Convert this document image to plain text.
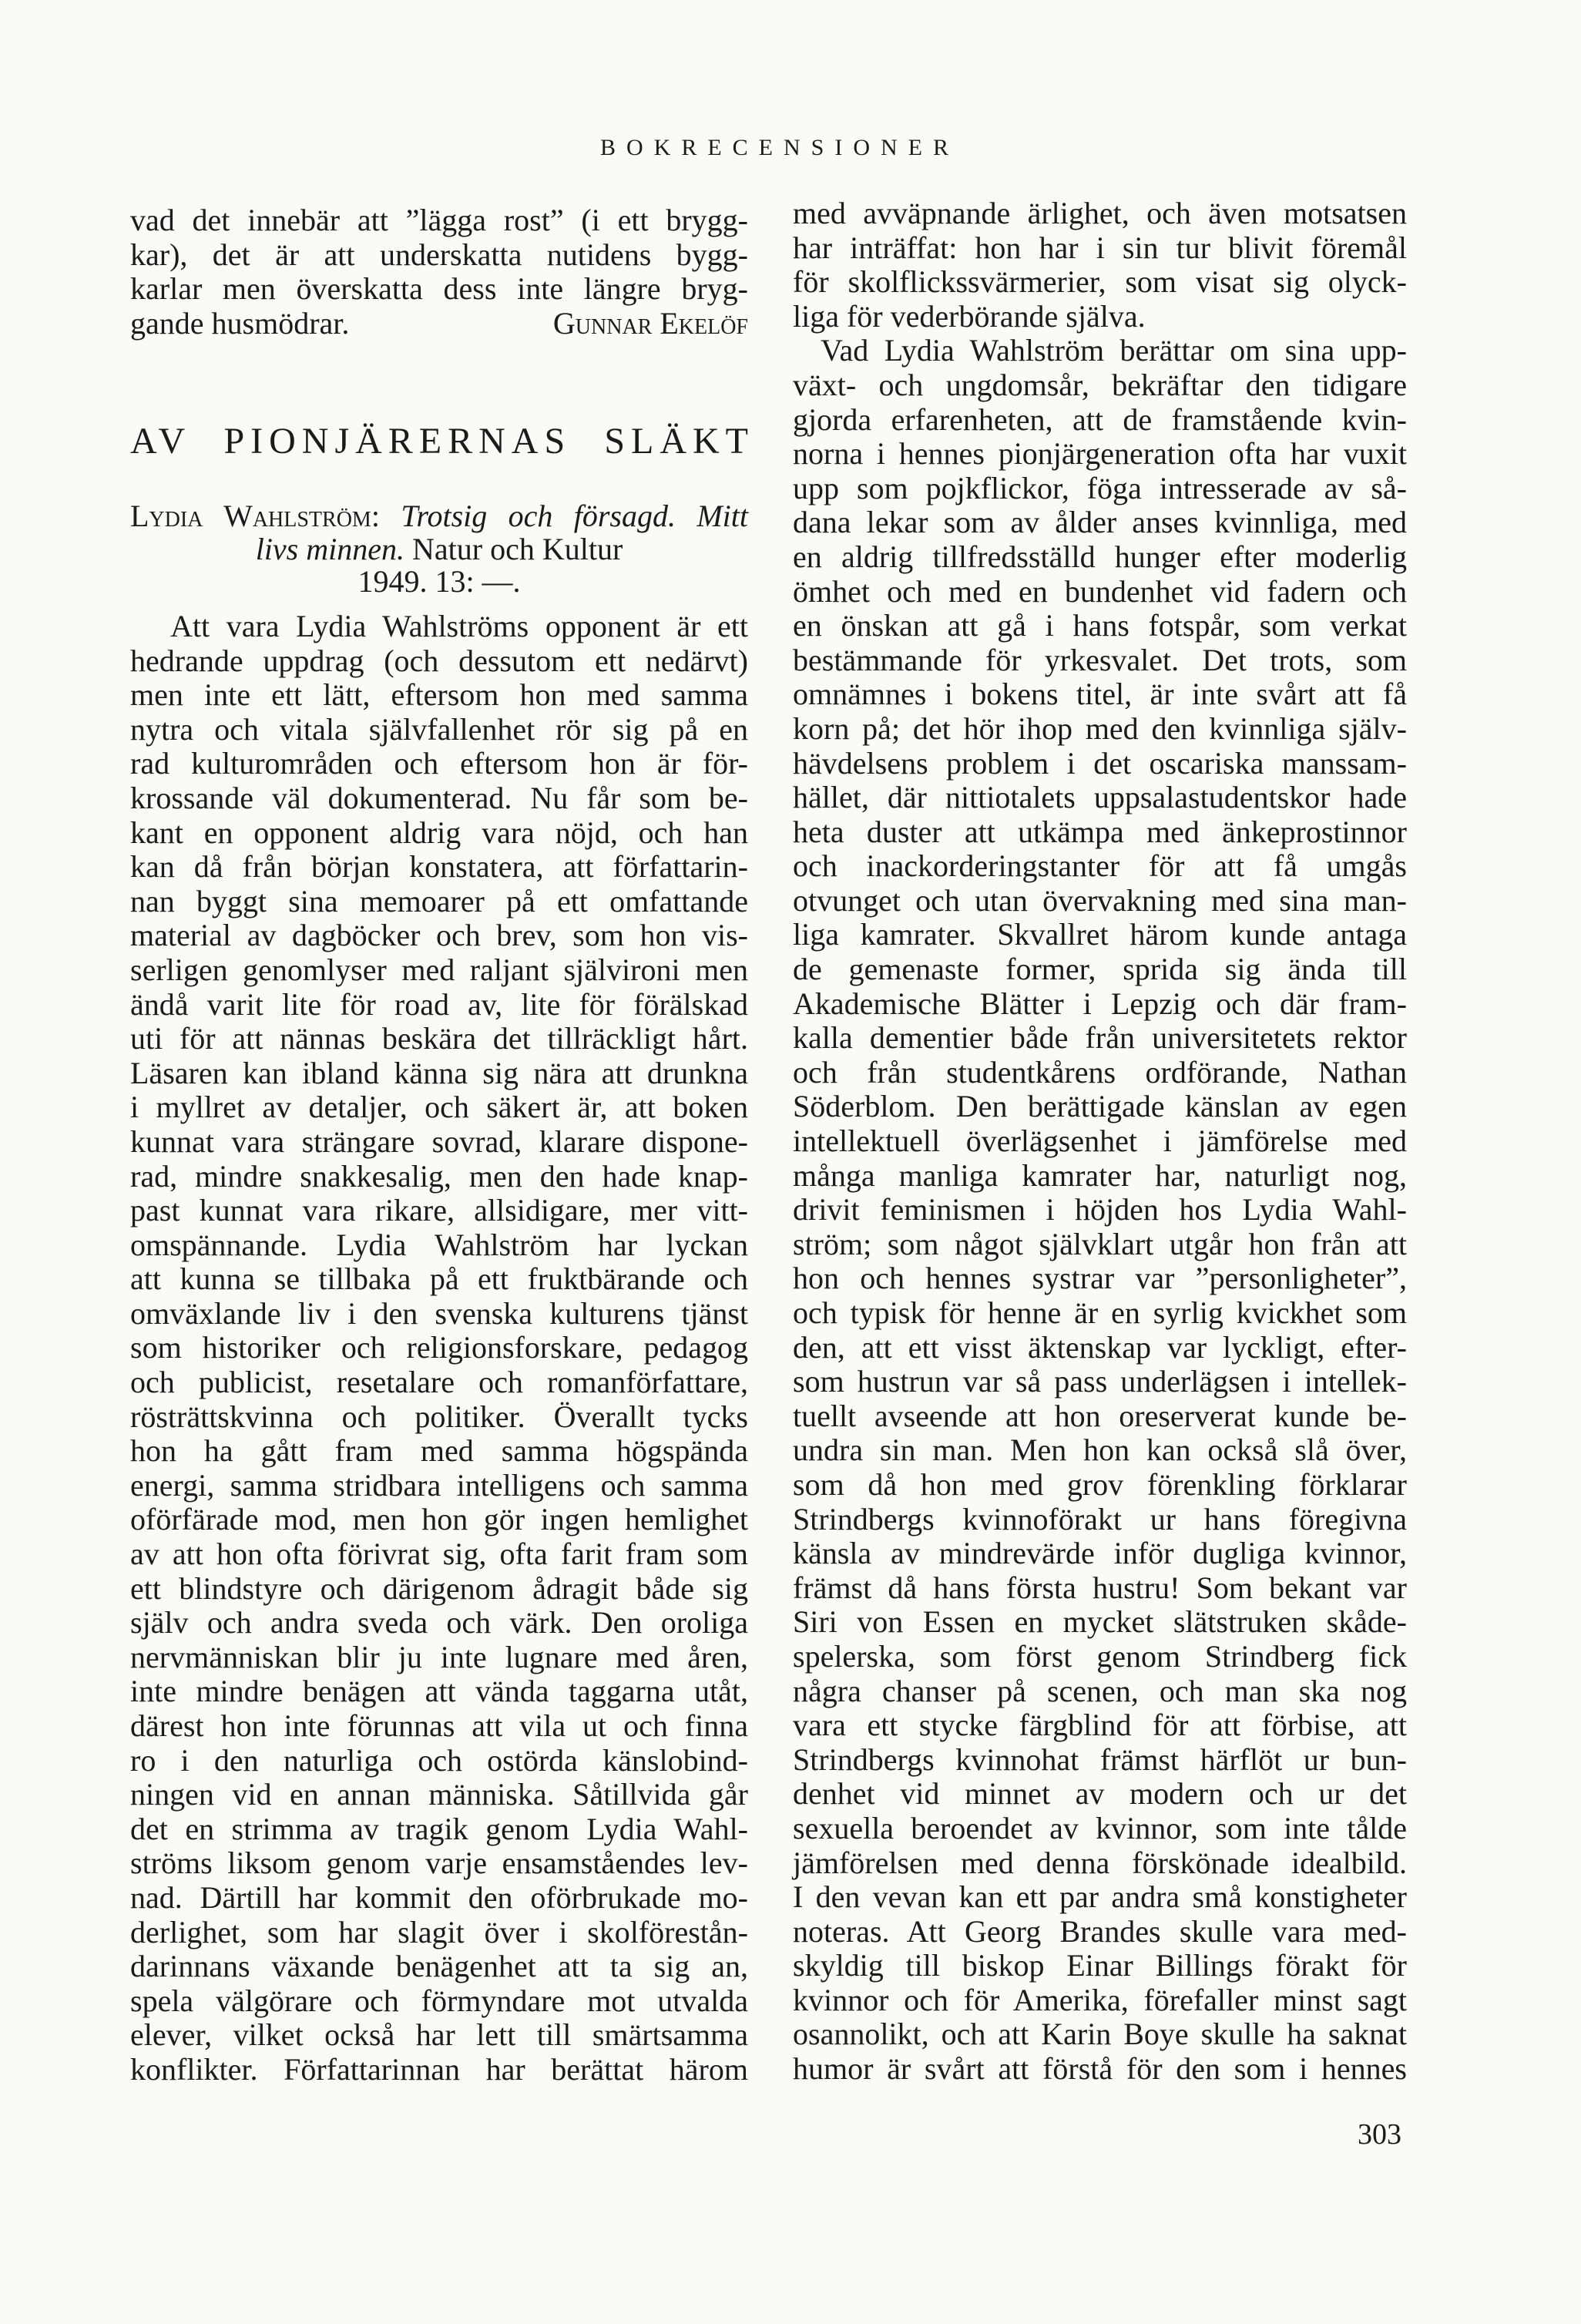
BOKRECENSIONER
vad det innebär att ”lägga rost” (i ett brygg-
kar), det är att underskatta nutidens bygg-
karlar men överskatta dess inte längre bryg-
gande husmödrar.	Gunnar Ekelöf
AV PIONJÄRERNAS SLÄKT
Lydia Wahlström: Trotsig och försagd. Mitt
livs minnen. Natur och Kultur
1949. 13: —.
Att vara Lydia Wahlströms opponent är ett
hedrande uppdrag (och dessutom ett nedärvt)
men inte ett lätt, eftersom hon med samma
nytra och vitala självfallenhet rör sig på en
rad kulturområden och eftersom hon är för-
krossande väl dokumenterad. Nu får som be-
kant en opponent aldrig vara nöjd, och han
kan då från början konstatera, att författarin-
nan byggt sina memoarer på ett omfattande
material av dagböcker och brev, som hon vis-
serligen genomlyser med raljant självironi men
ändå varit lite för road av, lite för förälskad
uti för att nännas beskära det tillräckligt hårt.
Läsaren kan ibland känna sig nära att drunkna
i myllret av detaljer, och säkert är, att boken
kunnat vara strängare sovrad, klarare dispone-
rad, mindre snakkesalig, men den hade knap-
past kunnat vara rikare, allsidigare, mer vitt-
omspännande. Lydia Wahlström har lyckan
att kunna se tillbaka på ett fruktbärande och
omväxlande liv i den svenska kulturens tjänst
som historiker och religionsforskare, pedagog
och publicist, resetalare och romanförfattare,
rösträttskvinna och politiker. Överallt tycks
hon ha gått fram med samma högspända
energi, samma stridbara intelligens och samma
oförfärade mod, men hon gör ingen hemlighet
av att hon ofta förivrat sig, ofta farit fram som
ett blindstyre och därigenom ådragit både sig
själv och andra sveda och värk. Den oroliga
nervmänniskan blir ju inte lugnare med åren,
inte mindre benägen att vända taggarna utåt,
därest hon inte förunnas att vila ut och finna
ro i den naturliga och ostörda känslobind-
ningen vid en annan människa. Såtillvida går
det en strimma av tragik genom Lydia Wahl-
ströms liksom genom varje ensamståendes lev-
nad. Därtill har kommit den oförbrukade mo-
derlighet, som har slagit över i skolförestån-
darinnans växande benägenhet att ta sig an,
spela välgörare och förmyndare mot utvalda
elever, vilket också har lett till smärtsamma
konflikter. Författarinnan har berättat härom
med avväpnande ärlighet, och även motsatsen
har inträffat: hon har i sin tur blivit föremål
för skolflickssvärmerier, som visat sig olyck-
liga för vederbörande själva.
Vad Lydia Wahlström berättar om sina upp-
växt- och ungdomsår, bekräftar den tidigare
gjorda erfarenheten, att de framstående kvin-
norna i hennes pionjärgeneration ofta har vuxit
upp som pojkflickor, föga intresserade av så-
dana lekar som av ålder anses kvinnliga, med
en aldrig tillfredsställd hunger efter moderlig
ömhet och med en bundenhet vid fadern och
en önskan att gå i hans fotspår, som verkat
bestämmande för yrkesvalet. Det trots, som
omnämnes i bokens titel, är inte svårt att få
korn på; det hör ihop med den kvinnliga själv-
hävdelsens problem i det oscariska manssam-
hället, där nittiotalets uppsalastudentskor hade
heta duster att utkämpa med änkeprostinnor
och inackorderingstanter för att få umgås
otvunget och utan övervakning med sina man-
liga kamrater. Skvallret härom kunde antaga
de gemenaste former, sprida sig ända till
Akademische Blätter i Lepzig och där fram-
kalla dementier både från universitetets rektor
och från studentkårens ordförande, Nathan
Söderblom. Den berättigade känslan av egen
intellektuell överlägsenhet i jämförelse med
många manliga kamrater har, naturligt nog,
drivit feminismen i höjden hos Lydia Wahl-
ström; som något självklart utgår hon från att
hon och hennes systrar var ”personligheter”,
och typisk för henne är en syrlig kvickhet som
den, att ett visst äktenskap var lyckligt, efter-
som hustrun var så pass underlägsen i intellek-
tuellt avseende att hon oreserverat kunde be-
undra sin man. Men hon kan också slå över,
som då hon med grov förenkling förklarar
Strindbergs kvinnoförakt ur hans föregivna
känsla av mindrevärde inför dugliga kvinnor,
främst då hans första hustru! Som bekant var
Siri von Essen en mycket slätstruken skåde-
spelerska, som först genom Strindberg fick
några chanser på scenen, och man ska nog
vara ett stycke färgblind för att förbise, att
Strindbergs kvinnohat främst härflöt ur bun-
denhet vid minnet av modern och ur det
sexuella beroendet av kvinnor, som inte tålde
jämförelsen med denna förskönade idealbild.
I den vevan kan ett par andra små konstigheter
noteras. Att Georg Brandes skulle vara med-
skyldig till biskop Einar Billings förakt för
kvinnor och för Amerika, förefaller minst sagt
osannolikt, och att Karin Boye skulle ha saknat
humor är svårt att förstå för den som i hennes
303
